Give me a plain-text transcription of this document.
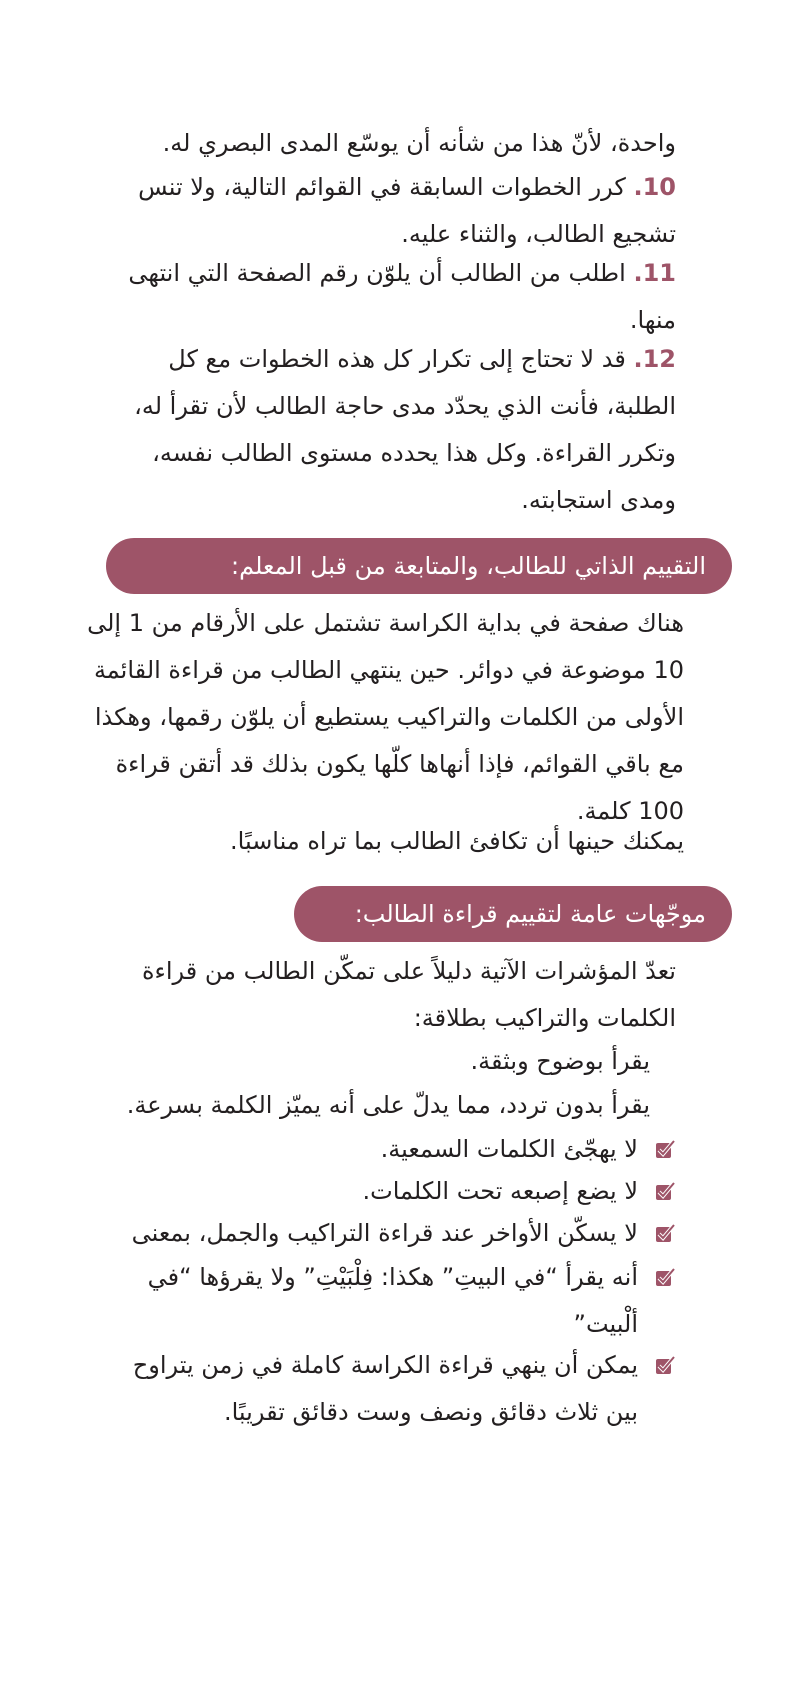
واحدة، لأنّ هذا من شأنه أن يوسّع المدى البصري له.

10. كرر الخطوات السابقة في القوائم التالية، ولا تنس تشجيع الطالب، والثناء عليه.

11. اطلب من الطالب أن يلوّن رقم الصفحة التي انتهى منها.

12. قد لا تحتاج إلى تكرار كل هذه الخطوات مع كل الطلبة، فأنت الذي يحدّد مدى حاجة الطالب لأن تقرأ له، وتكرر القراءة. وكل هذا يحدده مستوى الطالب نفسه، ومدى استجابته.

التقييم الذاتي للطالب، والمتابعة من قبل المعلم:

هناك صفحة في بداية الكراسة تشتمل على الأرقام من 1 إلى 10 موضوعة في دوائر. حين ينتهي الطالب من قراءة القائمة الأولى من الكلمات والتراكيب يستطيع أن يلوّن رقمها، وهكذا مع باقي القوائم، فإذا أنهاها كلّها يكون بذلك قد أتقن قراءة 100 كلمة.

يمكنك حينها أن تكافئ الطالب بما تراه مناسبًا.

موجّهات عامة لتقييم قراءة الطالب:

تعدّ المؤشرات الآتية دليلاً على تمكّن الطالب من قراءة الكلمات والتراكيب بطلاقة:

يقرأ بوضوح وبثقة.
يقرأ بدون تردد، مما يدلّ على أنه يميّز الكلمة بسرعة.
لا يهجّئ الكلمات السمعية.
لا يضع إصبعه تحت الكلمات.
لا يسكّن الأواخر عند قراءة التراكيب والجمل، بمعنى
أنه يقرأ “في البيتِ” هكذا: فِلْبَيْتِ” ولا يقرؤها “في ألْبيت”
يمكن أن ينهي قراءة الكراسة كاملة في زمن يتراوح بين ثلاث دقائق ونصف وست دقائق تقريبًا.
